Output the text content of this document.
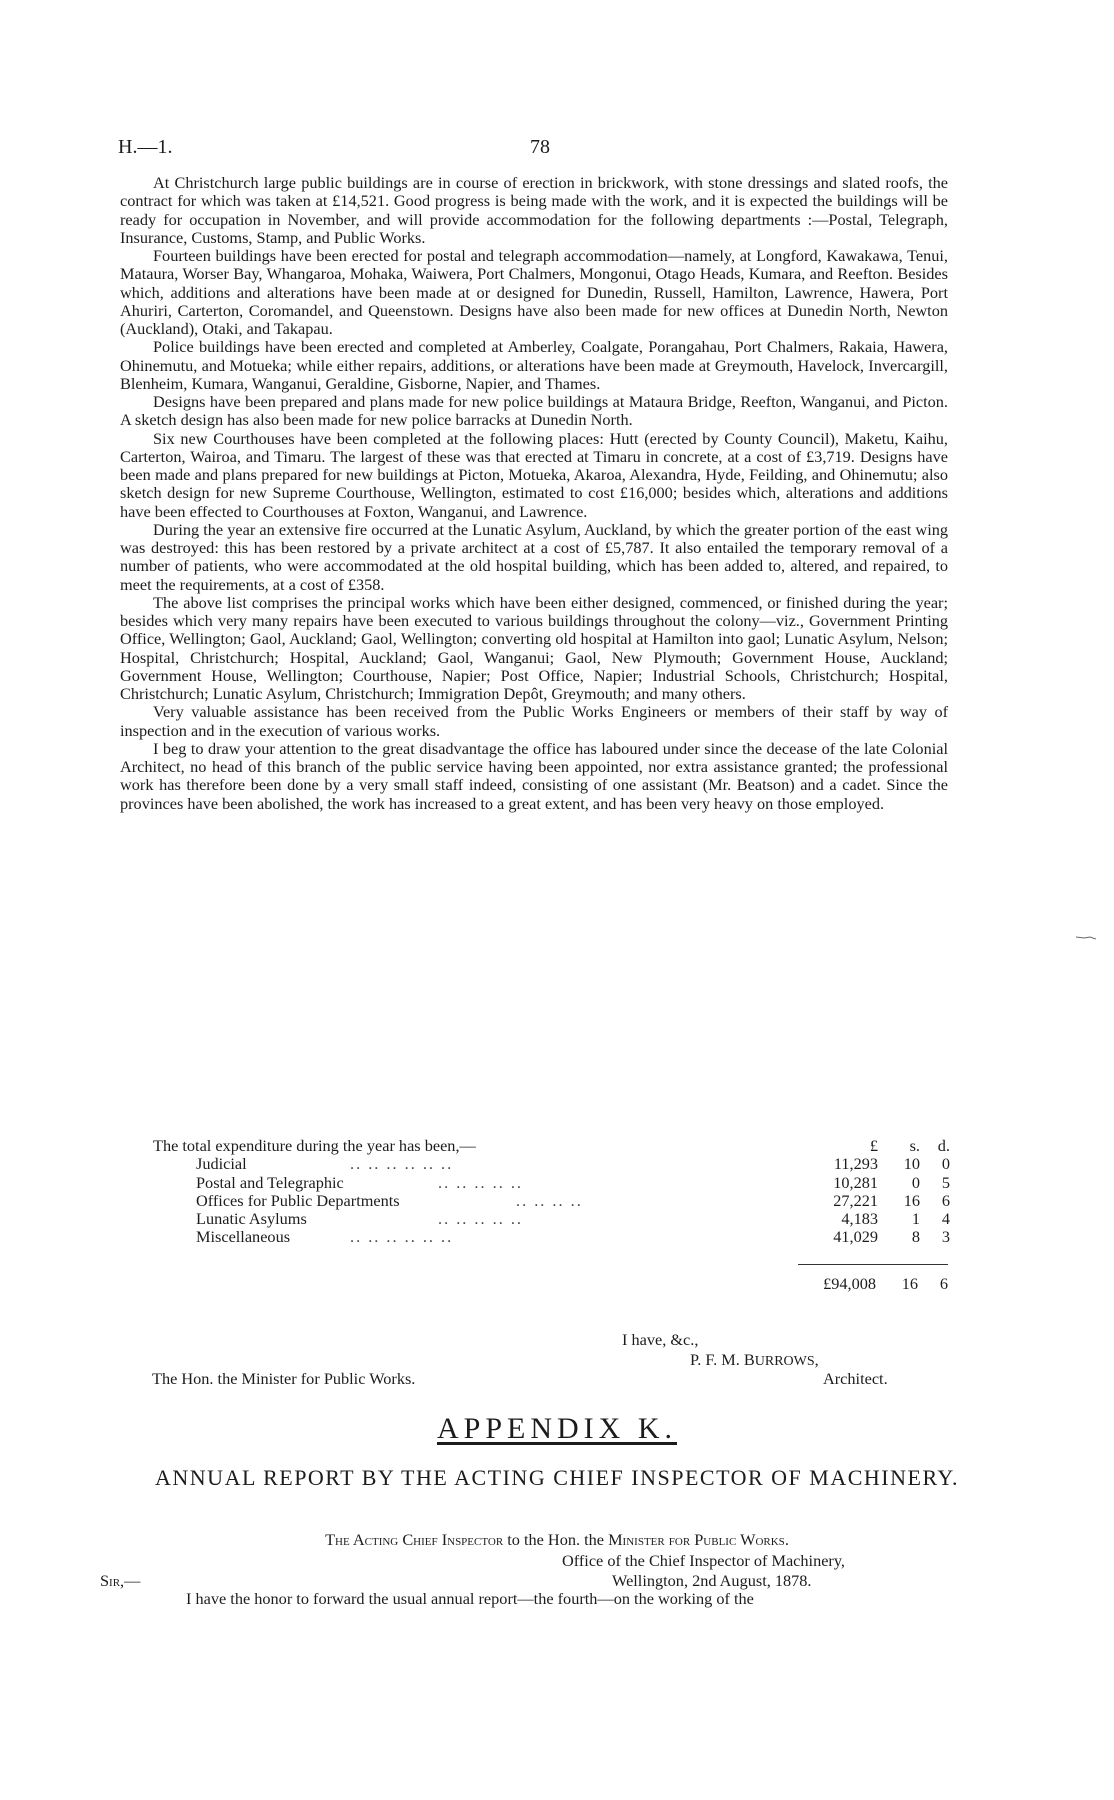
H.—1.	78

At Christchurch large public buildings are in course of erection in brickwork, with stone dressings and slated roofs, the contract for which was taken at £14,521. Good progress is being made with the work, and it is expected the buildings will be ready for occupation in November, and will provide accommodation for the following departments :—Postal, Telegraph, Insurance, Customs, Stamp, and Public Works.

Fourteen buildings have been erected for postal and telegraph accommodation—namely, at Longford, Kawakawa, Tenui, Mataura, Worser Bay, Whangaroa, Mohaka, Waiwera, Port Chalmers, Mongonui, Otago Heads, Kumara, and Reefton. Besides which, additions and alterations have been made at or designed for Dunedin, Russell, Hamilton, Lawrence, Hawera, Port Ahuriri, Carterton, Coromandel, and Queenstown. Designs have also been made for new offices at Dunedin North, Newton (Auckland), Otaki, and Takapau.

Police buildings have been erected and completed at Amberley, Coalgate, Porangahau, Port Chalmers, Rakaia, Hawera, Ohinemutu, and Motueka; while either repairs, additions, or alterations have been made at Greymouth, Havelock, Invercargill, Blenheim, Kumara, Wanganui, Geraldine, Gisborne, Napier, and Thames.

Designs have been prepared and plans made for new police buildings at Mataura Bridge, Reefton, Wanganui, and Picton. A sketch design has also been made for new police barracks at Dunedin North.

Six new Courthouses have been completed at the following places: Hutt (erected by County Council), Maketu, Kaihu, Carterton, Wairoa, and Timaru. The largest of these was that erected at Timaru in concrete, at a cost of £3,719. Designs have been made and plans prepared for new buildings at Picton, Motueka, Akaroa, Alexandra, Hyde, Feilding, and Ohinemutu; also sketch design for new Supreme Courthouse, Wellington, estimated to cost £16,000; besides which, alterations and additions have been effected to Courthouses at Foxton, Wanganui, and Lawrence.

During the year an extensive fire occurred at the Lunatic Asylum, Auckland, by which the greater portion of the east wing was destroyed: this has been restored by a private architect at a cost of £5,787. It also entailed the temporary removal of a number of patients, who were accommodated at the old hospital building, which has been added to, altered, and repaired, to meet the requirements, at a cost of £358.

The above list comprises the principal works which have been either designed, commenced, or finished during the year; besides which very many repairs have been executed to various buildings throughout the colony—viz., Government Printing Office, Wellington; Gaol, Auckland; Gaol, Wellington; converting old hospital at Hamilton into gaol; Lunatic Asylum, Nelson; Hospital, Christchurch; Hospital, Auckland; Gaol, Wanganui; Gaol, New Plymouth; Government House, Auckland; Government House, Wellington; Courthouse, Napier; Post Office, Napier; Industrial Schools, Christchurch; Hospital, Christchurch; Lunatic Asylum, Christchurch; Immigration Depôt, Greymouth; and many others.

Very valuable assistance has been received from the Public Works Engineers or members of their staff by way of inspection and in the execution of various works.

I beg to draw your attention to the great disadvantage the office has laboured under since the decease of the late Colonial Architect, no head of this branch of the public service having been appointed, nor extra assistance granted; the professional work has therefore been done by a very small staff indeed, consisting of one assistant (Mr. Beatson) and a cadet. Since the provinces have been abolished, the work has increased to a great extent, and has been very heavy on those employed.

The total expenditure during the year has been,—	£ s. d.
Judicial	.. .. .. .. .. ..	11,293 10 0
Postal and Telegraphic	.. .. .. .. ..	10,281 0 5
Offices for Public Departments	.. .. .. ..	27,221 16 6
Lunatic Asylums	.. .. .. .. ..	4,183 1 4
Miscellaneous	.. .. .. .. .. ..	41,029 8 3
£94,008 16 6
I have, &c.,
P. F. M. BURROWS,
Architect.
The Hon. the Minister for Public Works.
APPENDIX K.
ANNUAL REPORT BY THE ACTING CHIEF INSPECTOR OF MACHINERY.
The Acting Chief Inspector to the Hon. the Minister for Public Works.
Office of the Chief Inspector of Machinery,
Sir,—	Wellington, 2nd August, 1878.
I have the honor to forward the usual annual report—the fourth—on the working of the
